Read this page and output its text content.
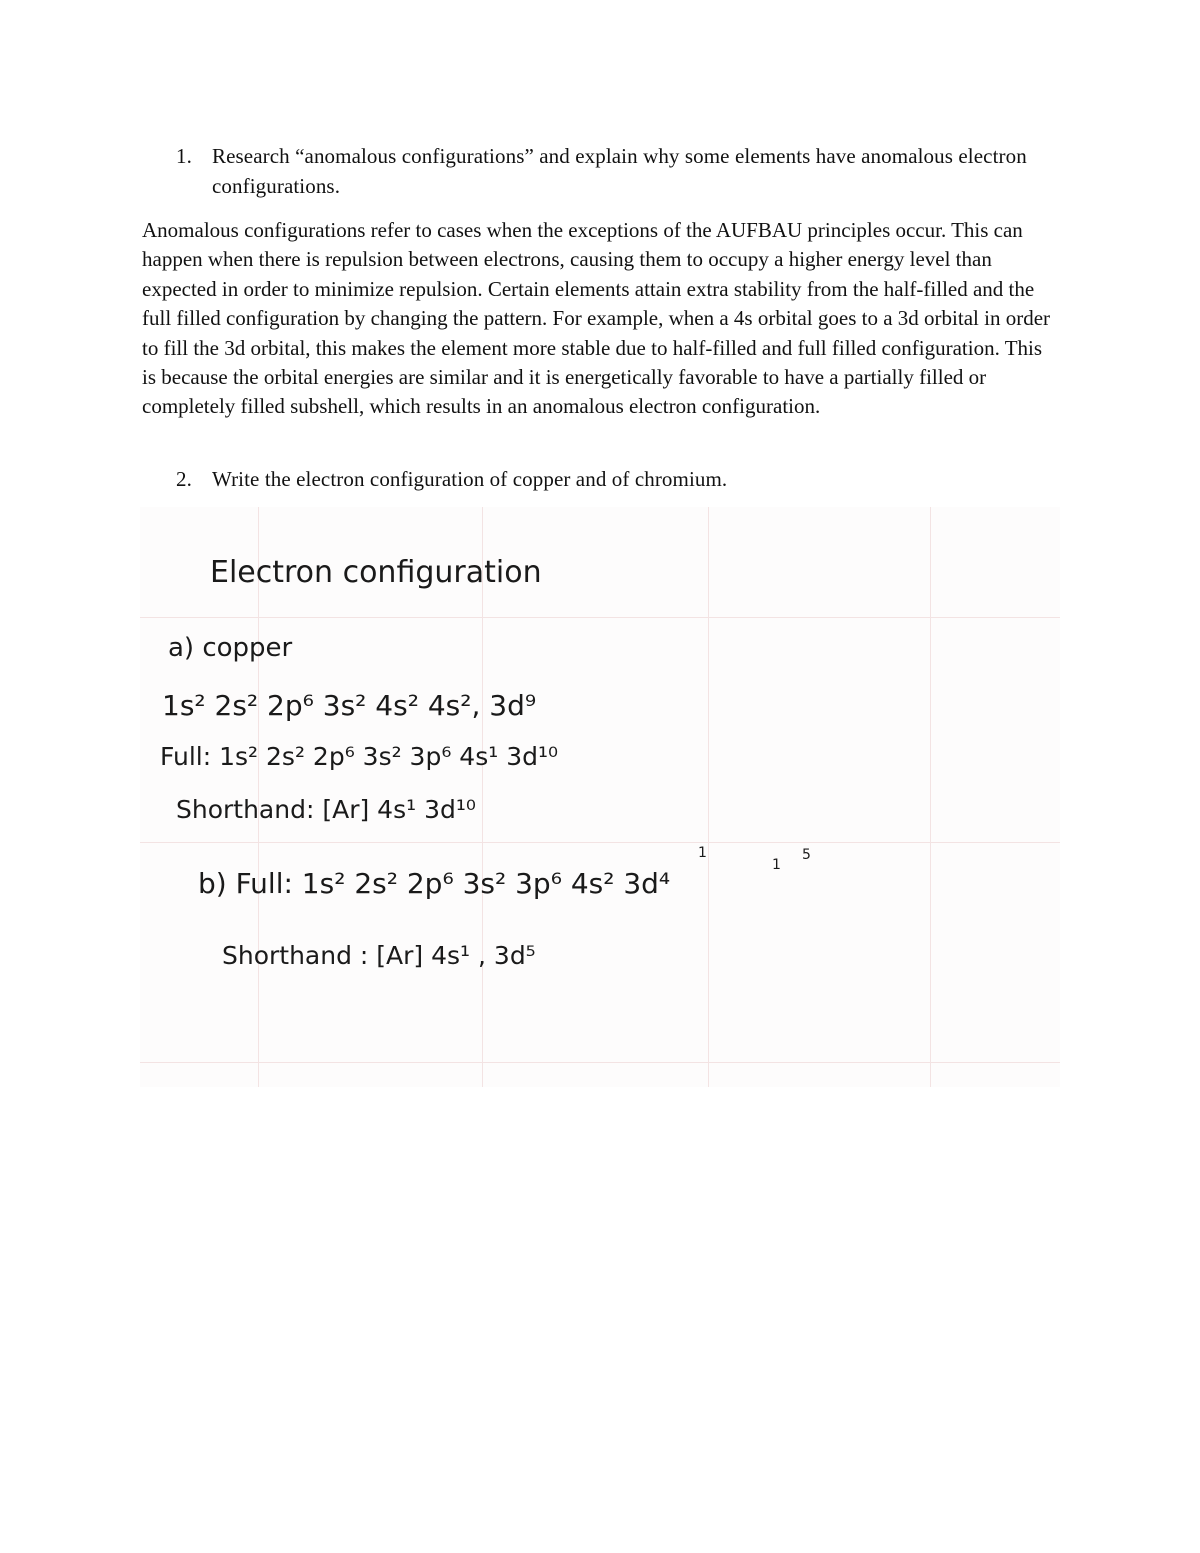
1. Research “anomalous configurations” and explain why some elements have anomalous electron configurations.

Anomalous configurations refer to cases when the exceptions of the AUFBAU principles occur. This can happen when there is repulsion between electrons, causing them to occupy a higher energy level than expected in order to minimize repulsion. Certain elements attain extra stability from the half-filled and the full filled configuration by changing the pattern. For example, when a 4s orbital goes to a 3d orbital in order to fill the 3d orbital, this makes the element more stable due to half-filled and full filled configuration. This is because the orbital energies are similar and it is energetically favorable to have a partially filled or completely filled subshell, which results in an anomalous electron configuration.

2. Write the electron configuration of copper and of chromium.
Electron configuration
a) copper
1s² 2s² 2p⁶ 3s² 4s² 4s², 3d⁹
Full: 1s² 2s² 2p⁶ 3s² 3p⁶ 4s¹ 3d¹⁰
Shorthand: [Ar] 4s¹ 3d¹⁰
b) Full: 1s² 2s² 2p⁶ 3s² 3p⁶ 4s² 3d⁴
1
1
5
Shorthand : [Ar] 4s¹ , 3d⁵
